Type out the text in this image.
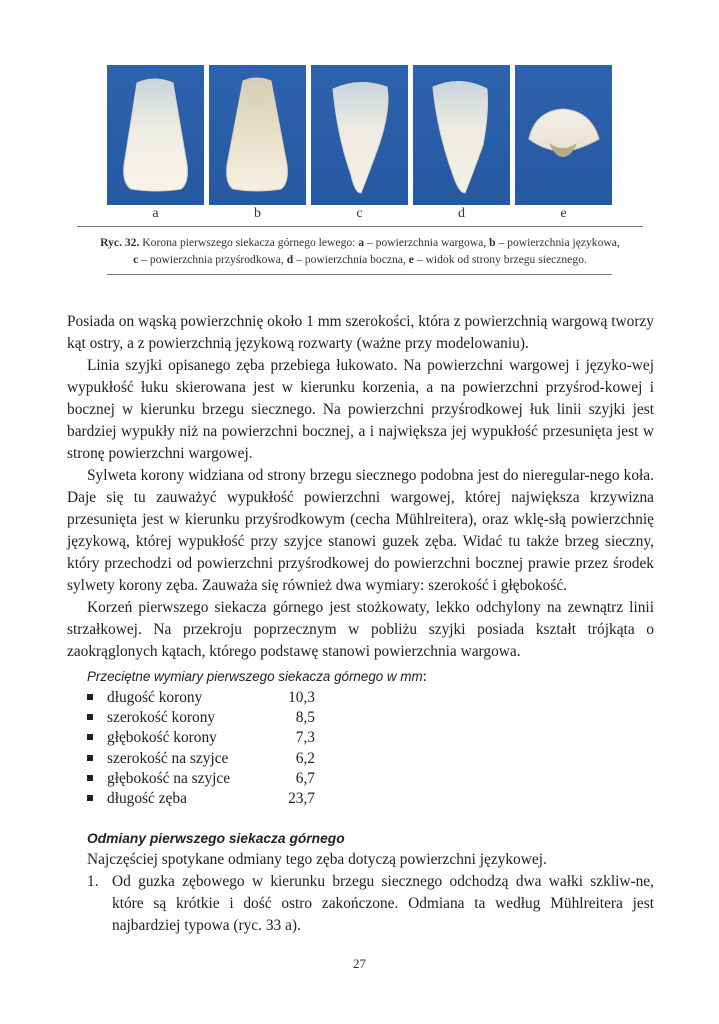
a	b	c	d	e
Ryc. 32. Korona pierwszego siekacza górnego lewego: a – powierzchnia wargowa, b – powierzchnia językowa,
c – powierzchnia przyśrodkowa, d – powierzchnia boczna, e – widok od strony brzegu siecznego.

Posiada on wąską powierzchnię około 1 mm szerokości, która z powierzchnią wargową tworzy kąt ostry, a z powierzchnią językową rozwarty (ważne przy modelowaniu).

Linia szyjki opisanego zęba przebiega łukowato. Na powierzchni wargowej i języko-wej wypukłość łuku skierowana jest w kierunku korzenia, a na powierzchni przyśrod-kowej i bocznej w kierunku brzegu siecznego. Na powierzchni przyśrodkowej łuk linii szyjki jest bardziej wypukły niż na powierzchni bocznej, a i największa jej wypukłość przesunięta jest w stronę powierzchni wargowej.

Sylweta korony widziana od strony brzegu siecznego podobna jest do nieregular-nego koła. Daje się tu zauważyć wypukłość powierzchni wargowej, której największa krzywizna przesunięta jest w kierunku przyśrodkowym (cecha Mühlreitera), oraz wklę-słą powierzchnię językową, której wypukłość przy szyjce stanowi guzek zęba. Widać tu także brzeg sieczny, który przechodzi od powierzchni przyśrodkowej do powierzchni bocznej prawie przez środek sylwety korony zęba. Zauważa się również dwa wymiary: szerokość i głębokość.

Korzeń pierwszego siekacza górnego jest stożkowaty, lekko odchylony na zewnątrz linii strzałkowej. Na przekroju poprzecznym w pobliżu szyjki posiada kształt trójkąta o zaokrąglonych kątach, którego podstawę stanowi powierzchnia wargowa.

Przeciętne wymiary pierwszego siekacza górnego w mm:
długość korony	10,3
szerokość korony	8,5
głębokość korony	7,3
szerokość na szyjce	6,2
głębokość na szyjce	6,7
długość zęba	23,7
Odmiany pierwszego siekacza górnego

Najczęściej spotykane odmiany tego zęba dotyczą powierzchni językowej.

1. Od guzka zębowego w kierunku brzegu siecznego odchodzą dwa wałki szkliw-ne, które są krótkie i dość ostro zakończone. Odmiana ta według Mühlreitera jest najbardziej typowa (ryc. 33 a).
27
